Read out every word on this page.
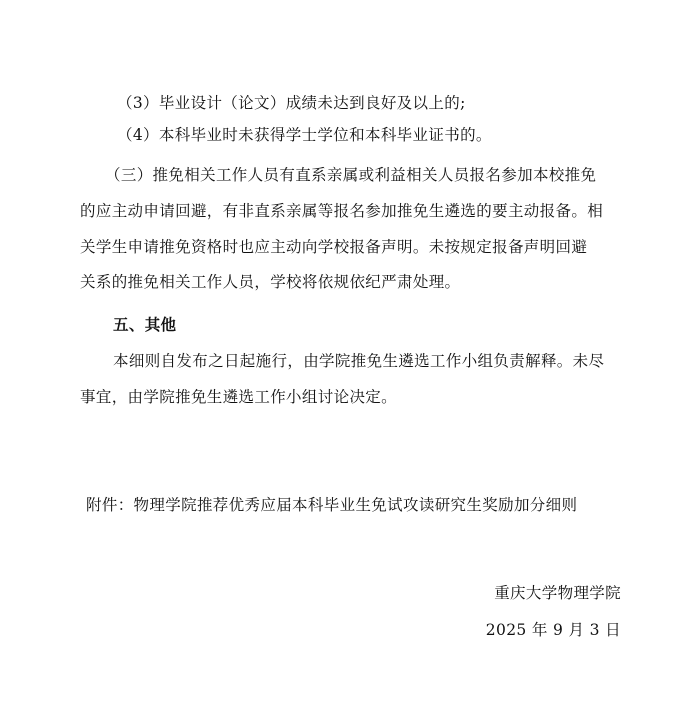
（3）毕业设计（论文）成绩未达到良好及以上的;
（4）本科毕业时未获得学士学位和本科毕业证书的。
（三）推免相关工作人员有直系亲属或利益相关人员报名参加本校推免
的应主动申请回避，有非直系亲属等报名参加推免生遴选的要主动报备。相
关学生申请推免资格时也应主动向学校报备声明。未按规定报备声明回避
关系的推免相关工作人员，学校将依规依纪严肃处理。
五、其他
本细则自发布之日起施行，由学院推免生遴选工作小组负责解释。未尽
事宜，由学院推免生遴选工作小组讨论决定。
附件：物理学院推荐优秀应届本科毕业生免试攻读研究生奖励加分细则
重庆大学物理学院
2025 年 9 月 3 日
